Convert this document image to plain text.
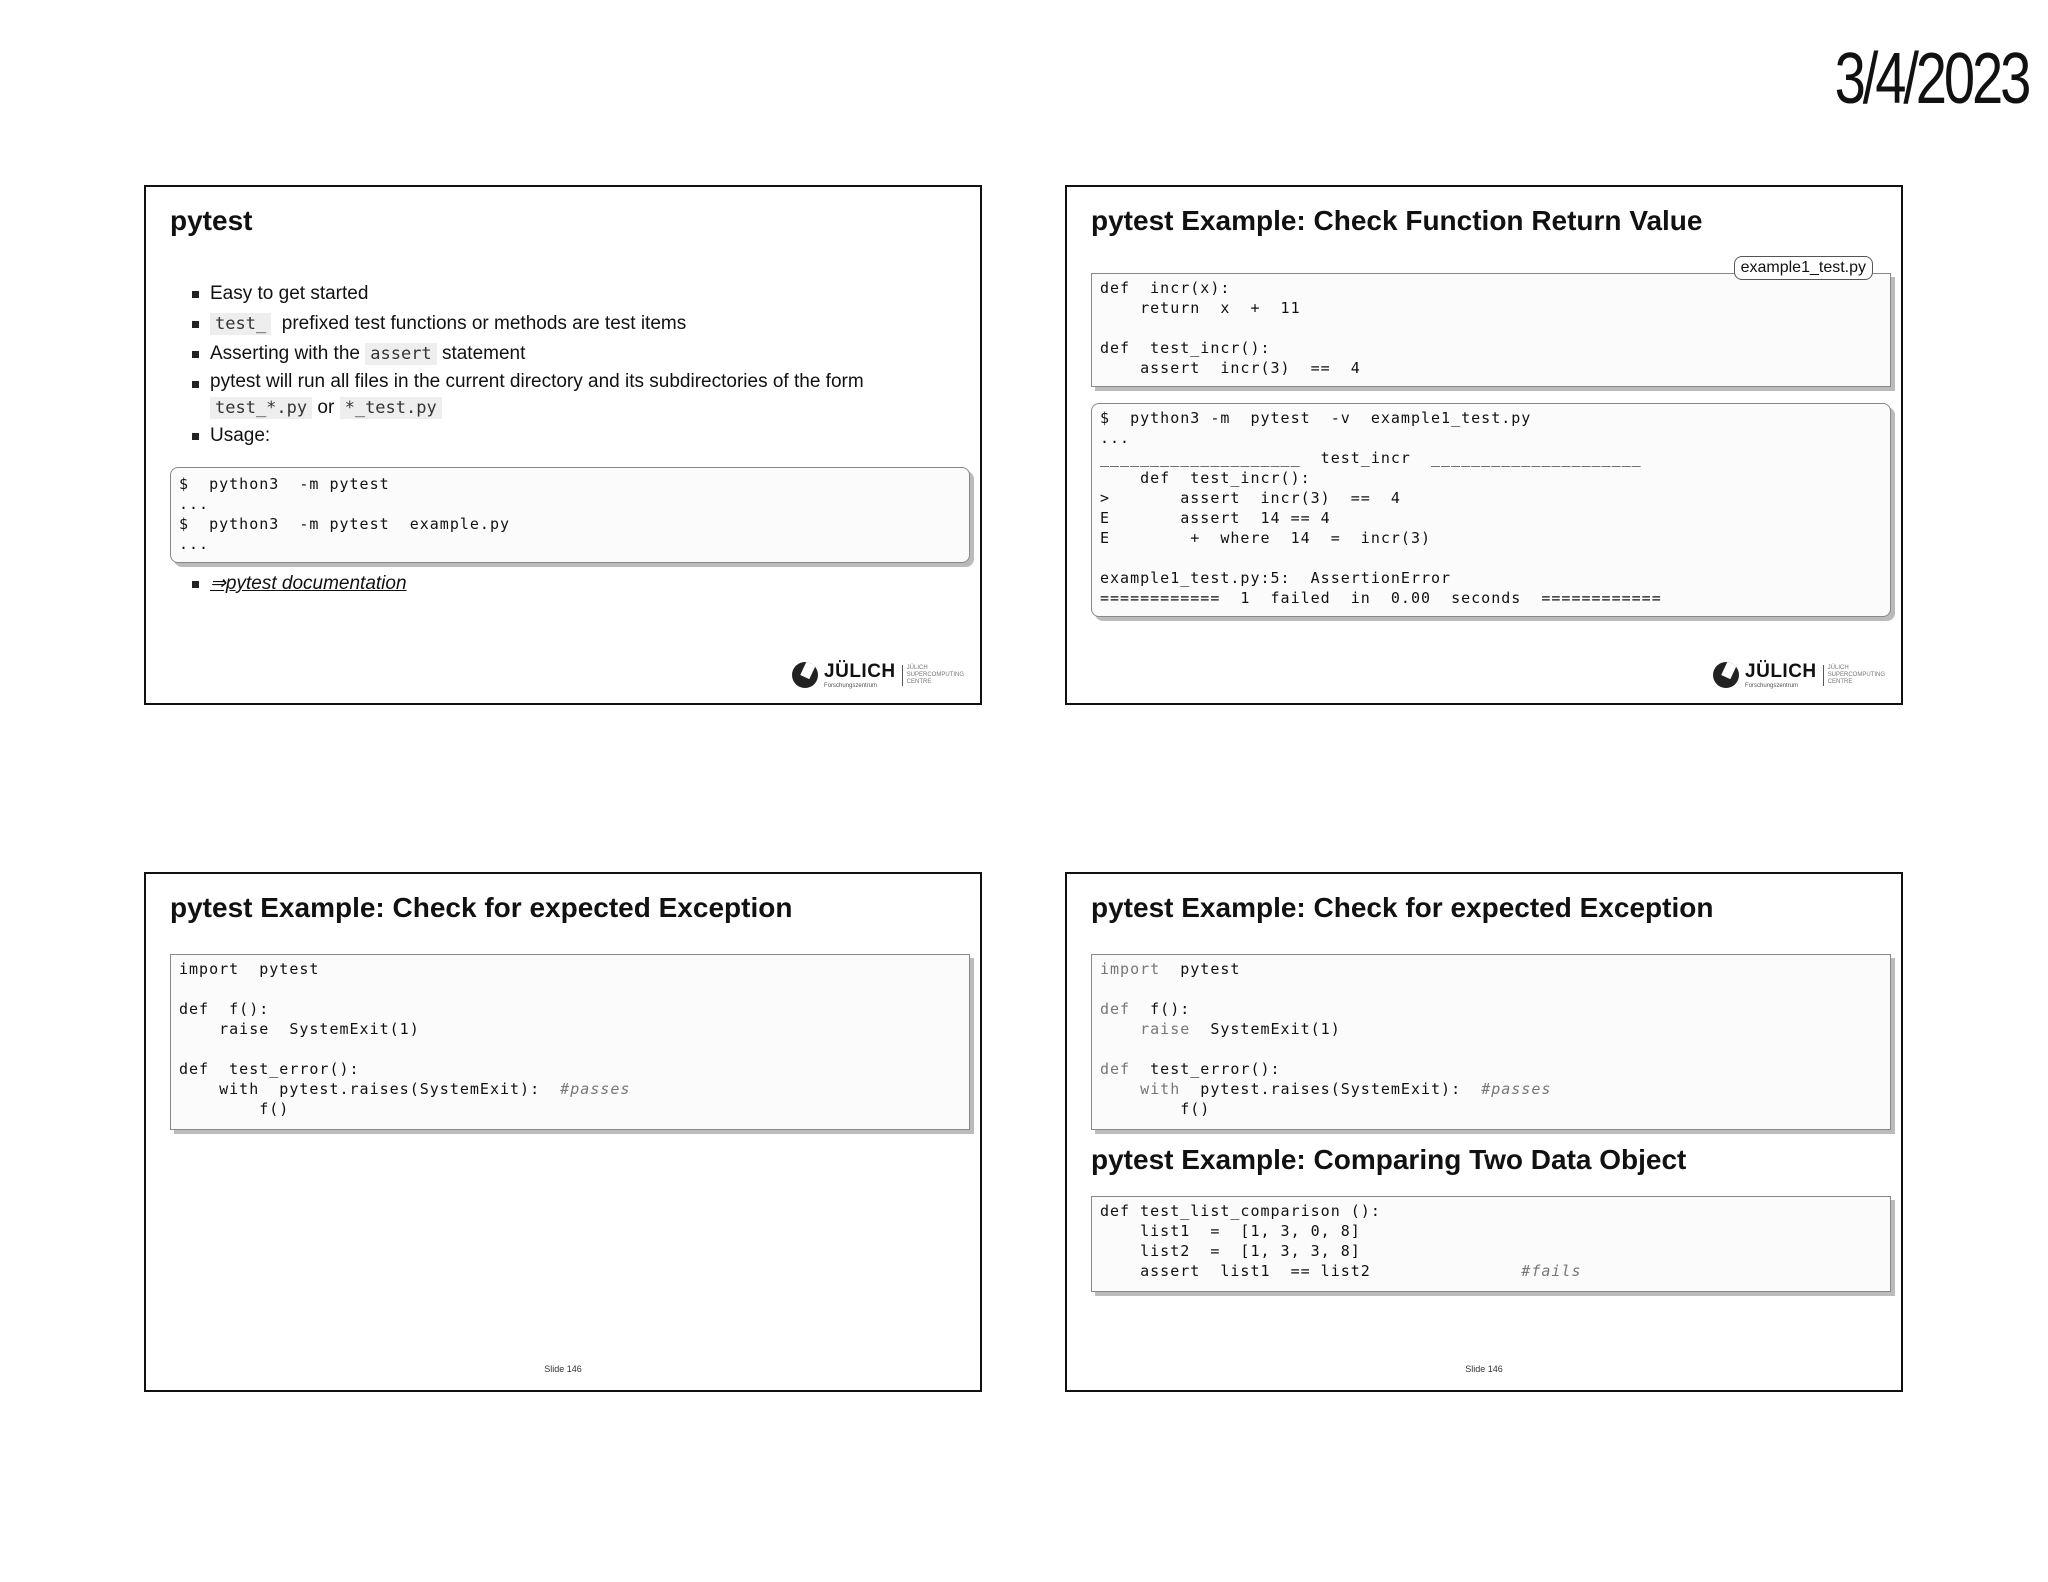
3/4/2023
pytest
Easy to get started
test_ prefixed test functions or methods are test items
Asserting with the assert statement
pytest will run all files in the current directory and its subdirectories of the form
test_*.py or *_test.py
Usage:
$  python3  -m pytest
...
$  python3  -m pytest  example.py
...
⇒pytest documentation
JÜLICH
Forschungszentrum
JÜLICH
SUPERCOMPUTING
CENTRE
pytest Example: Check Function Return Value
def  incr(x):
return  x  +  11

def  test_incr():
assert  incr(3)  ==  4
example1_test.py
$  python3 -m  pytest  -v  example1_test.py
...
____________________  test_incr  _____________________
def  test_incr():
>       assert  incr(3)  ==  4
E       assert  14 == 4
E        +  where  14  =  incr(3)

example1_test.py:5:  AssertionError
============  1  failed  in  0.00  seconds  ============
JÜLICH
Forschungszentrum
JÜLICH
SUPERCOMPUTING
CENTRE
pytest Example: Check for expected Exception
import  pytest

def  f():
raise  SystemExit(1)

def  test_error():
with  pytest.raises(SystemExit):  #passes
f()
Slide 146
pytest Example: Check for expected Exception
import  pytest

def  f():
raise  SystemExit(1)

def  test_error():
with  pytest.raises(SystemExit):  #passes
f()
pytest Example: Comparing Two Data Object
def test_list_comparison ():
list1  =  [1, 3, 0, 8]
list2  =  [1, 3, 3, 8]
assert  list1  == list2               #fails
Slide 146
